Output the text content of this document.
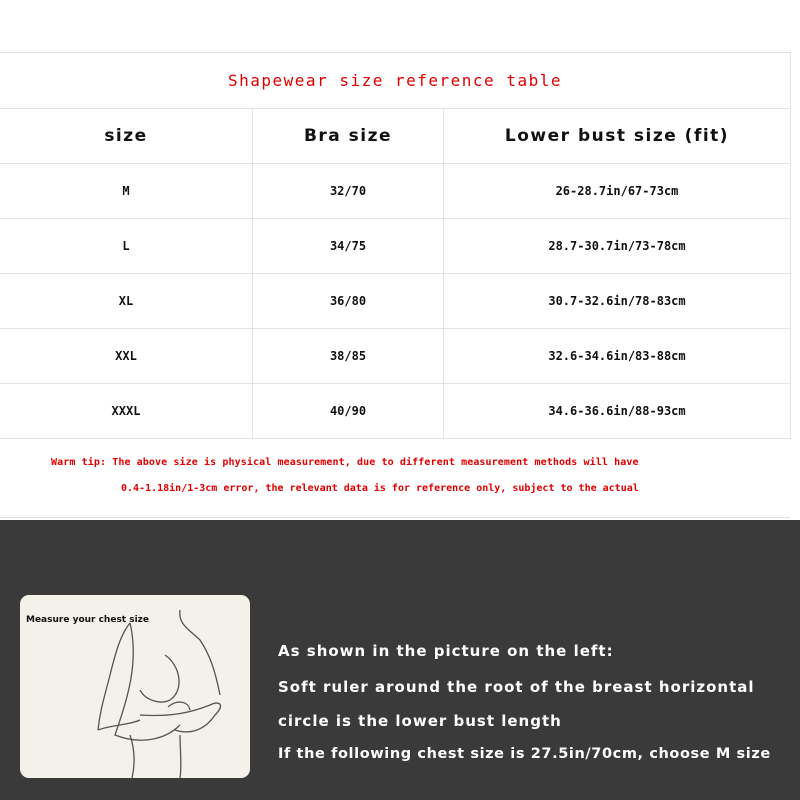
Shapewear size reference table
size	Bra size	Lower bust size (fit)
M	32/70	26-28.7in/67-73cm
L	34/75	28.7-30.7in/73-78cm
XL	36/80	30.7-32.6in/78-83cm
XXL	38/85	32.6-34.6in/83-88cm
XXXL	40/90	34.6-36.6in/88-93cm
Warm tip: The above size is physical measurement, due to different measurement methods will have
0.4-1.18in/1-3cm error, the relevant data is for reference only, subject to the actual
Measure your chest size
As shown in the picture on the left:
Soft ruler around the root of the breast horizontal
circle is the lower bust length
If the following chest size is 27.5in/70cm, choose M size
